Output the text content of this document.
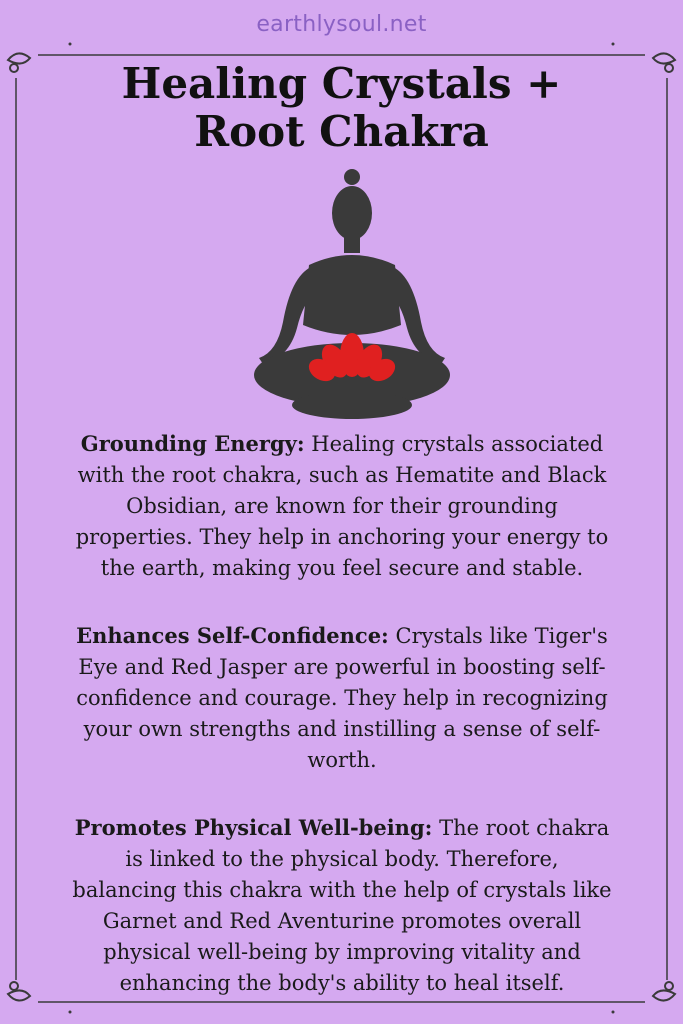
earthlysoul.net
Healing Crystals +
Root Chakra
Grounding Energy: Healing crystals associated with the root chakra, such as Hematite and Black Obsidian, are known for their grounding properties. They help in anchoring your energy to the earth, making you feel secure and stable.
Enhances Self-Confidence: Crystals like Tiger's Eye and Red Jasper are powerful in boosting self-confidence and courage. They help in recognizing your own strengths and instilling a sense of self-worth.
Promotes Physical Well-being: The root chakra is linked to the physical body. Therefore, balancing this chakra with the help of crystals like Garnet and Red Aventurine promotes overall physical well-being by improving vitality and enhancing the body's ability to heal itself.
